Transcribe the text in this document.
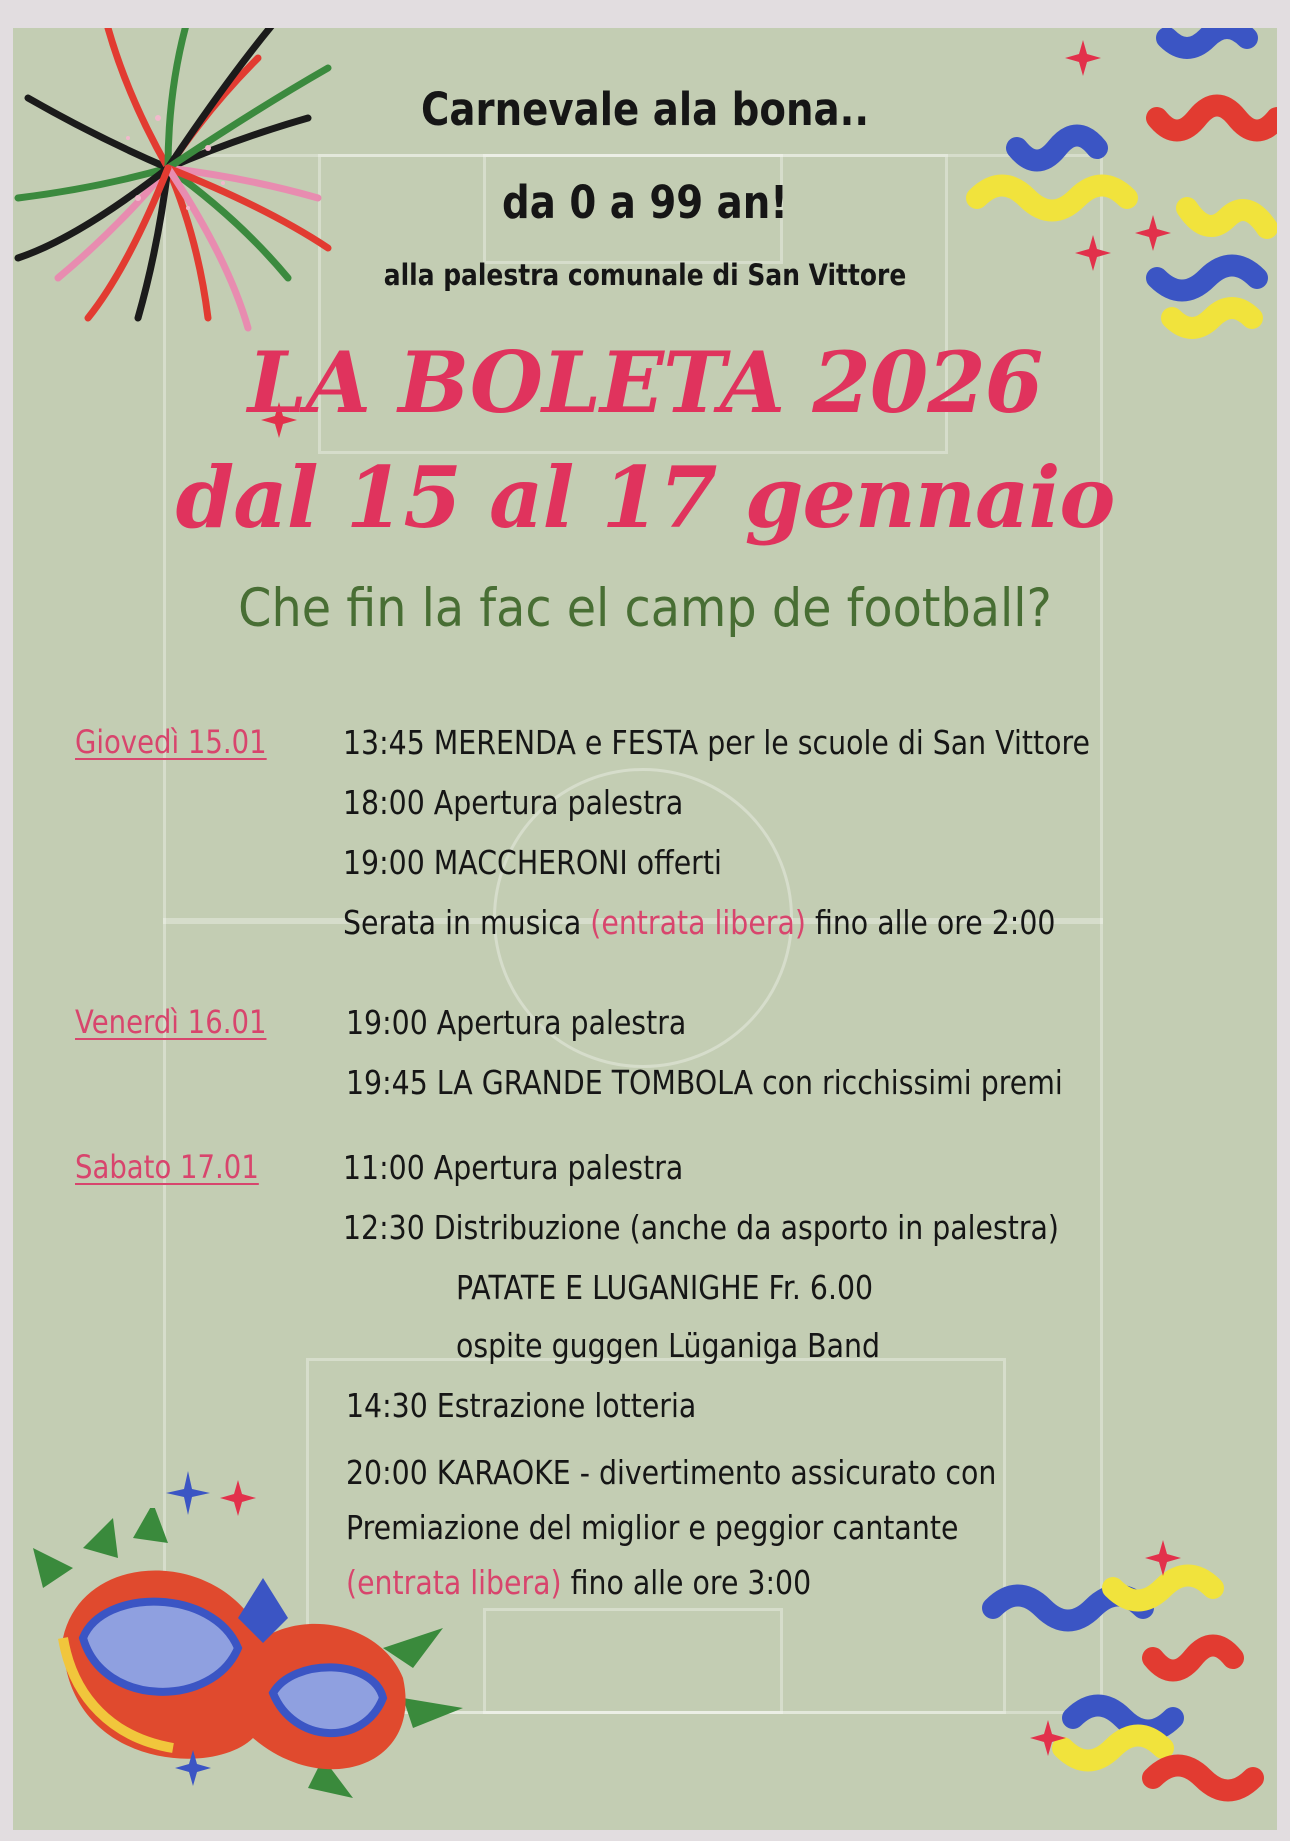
Carnevale ala bona..
da 0 a 99 an!
alla palestra comunale di San Vittore
LA BOLETA 2026
dal 15 al 17 gennaio
Che fin la fac el camp de football?
Giovedì 15.01 13:45 MERENDA e FESTA per le scuole di San Vittore
18:00 Apertura palestra
19:00 MACCHERONI offerti
Serata in musica (entrata libera) fino alle ore 2:00
Venerdì 16.01 19:00 Apertura palestra
19:45 LA GRANDE TOMBOLA con ricchissimi premi
Sabato 17.01	11:00 Apertura palestra
12:30 Distribuzione (anche da asporto in palestra)
PATATE E LUGANIGHE Fr. 6.00
ospite guggen Lüganiga Band
14:30 Estrazione lotteria
20:00 KARAOKE - divertimento assicurato con
Premiazione del miglior e peggior cantante
(entrata libera) fino alle ore 3:00
